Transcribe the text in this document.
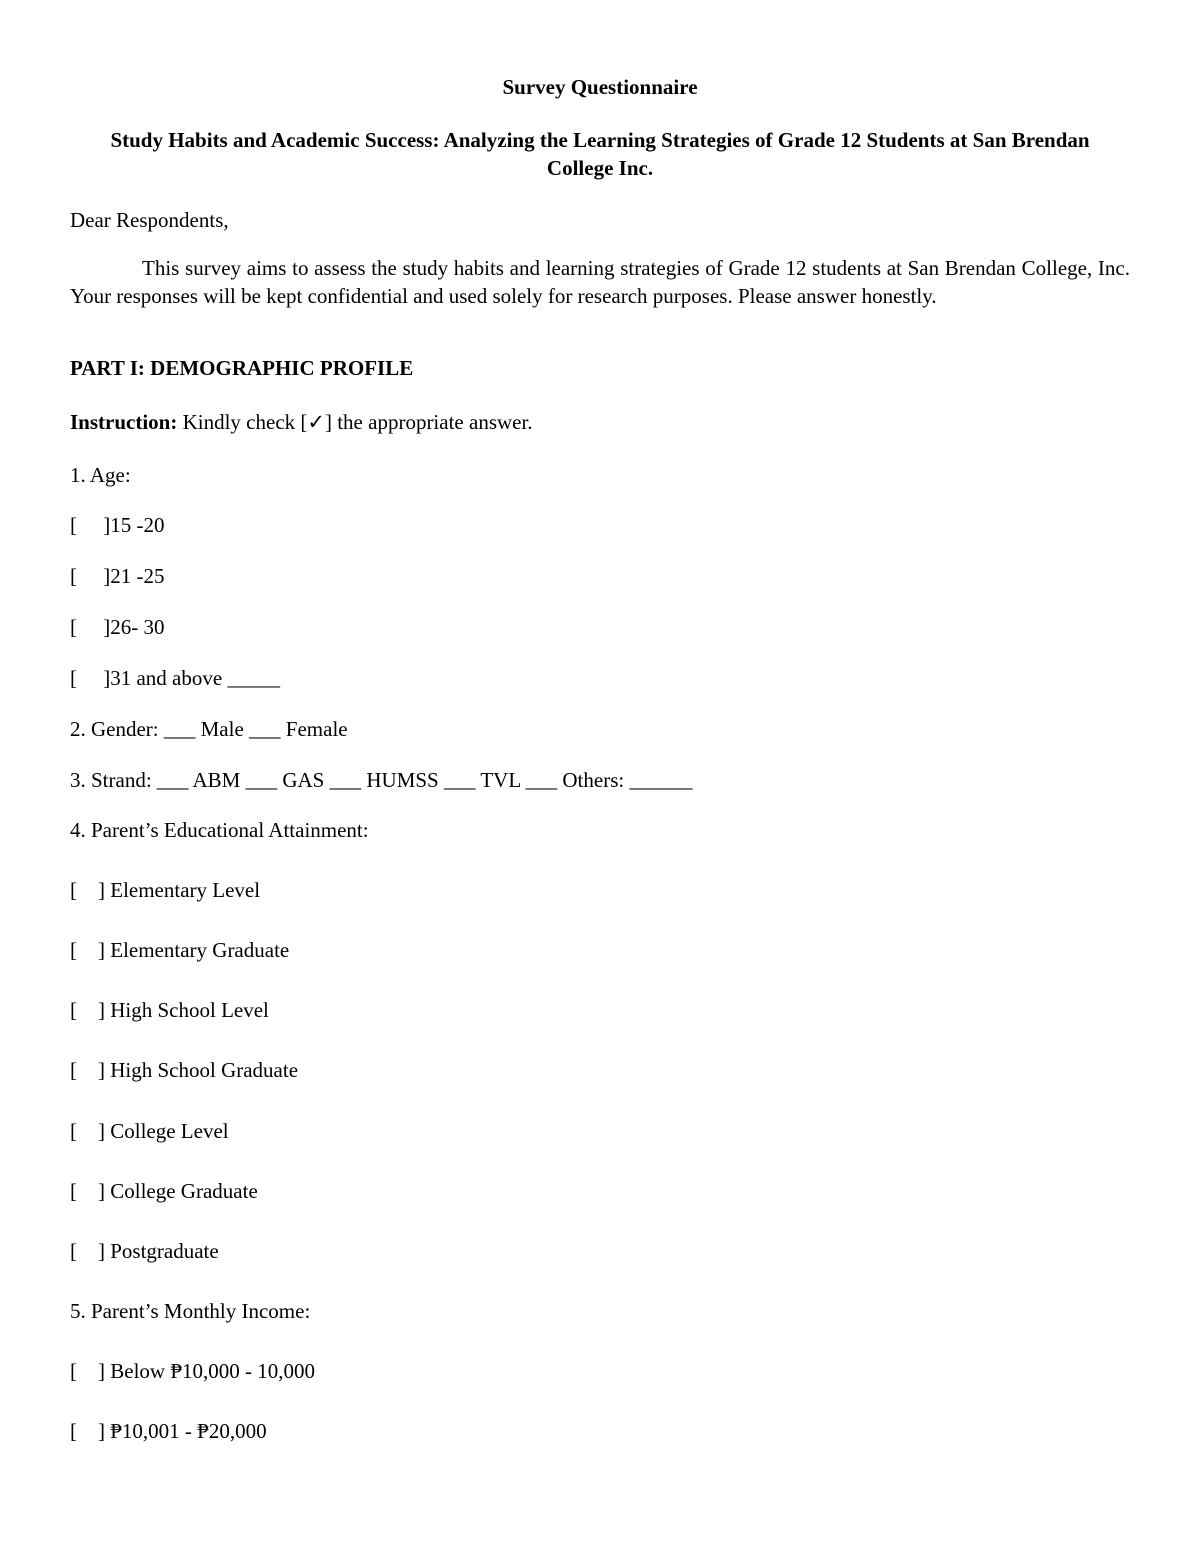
Survey Questionnaire
Study Habits and Academic Success: Analyzing the Learning Strategies of Grade 12 Students at San Brendan College Inc.
Dear Respondents,
This survey aims to assess the study habits and learning strategies of Grade 12 students at San Brendan College, Inc. Your responses will be kept confidential and used solely for research purposes. Please answer honestly.
PART I: DEMOGRAPHIC PROFILE
Instruction: Kindly check [✓] the appropriate answer.
1. Age:
[     ]15 -20
[     ]21 -25
[     ]26- 30
[     ]31 and above _____
2. Gender: ___ Male ___ Female
3. Strand: ___ ABM ___ GAS ___ HUMSS ___ TVL ___ Others: ______
4. Parent’s Educational Attainment:
[    ] Elementary Level
[    ] Elementary Graduate
[    ] High School Level
[    ] High School Graduate
[    ] College Level
[    ] College Graduate
[    ] Postgraduate
5. Parent’s Monthly Income:
[    ] Below ₱10,000 - 10,000
[    ] ₱10,001 - ₱20,000
